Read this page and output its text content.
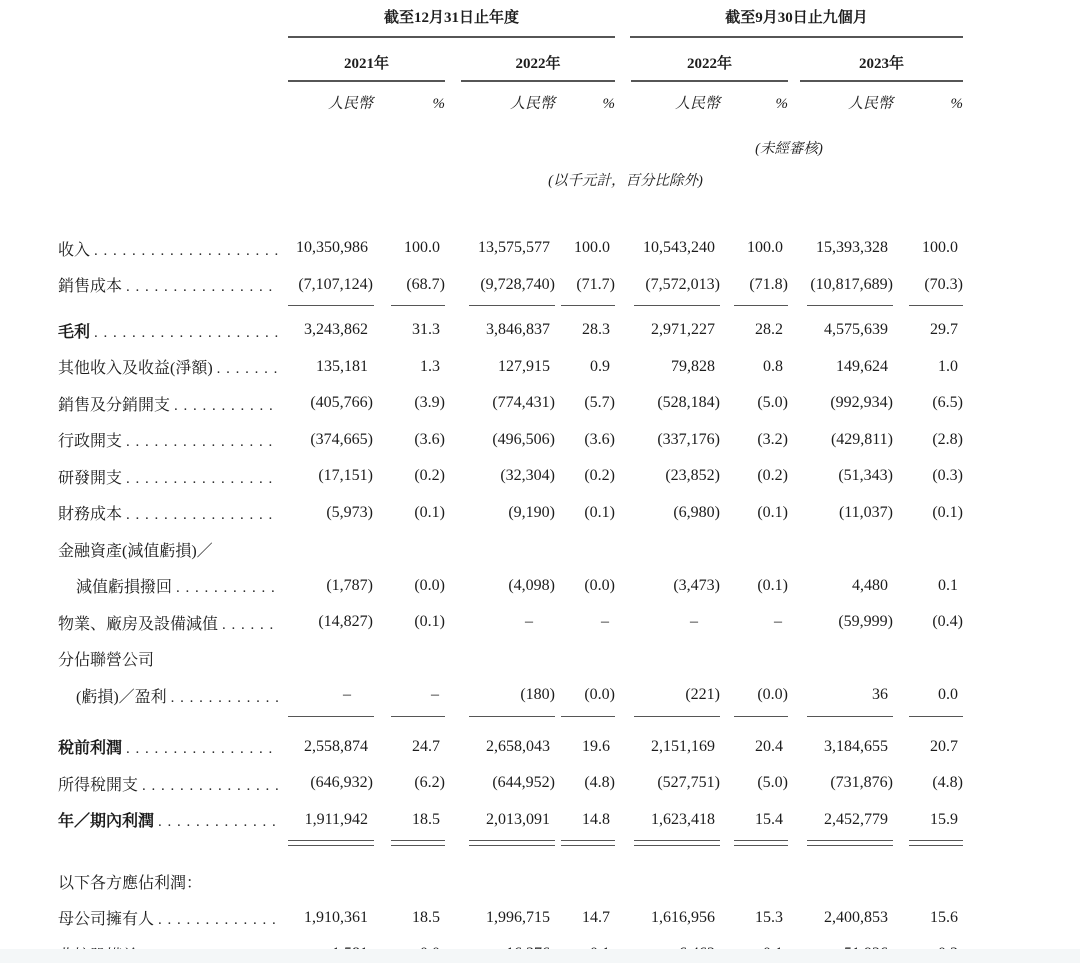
截至12月31日止年度	截至9月30日止九個月
2021年	2022年	2022年	2023年
人民幣	%	人民幣	%	人民幣	%	人民幣	%
(未經審核)
(以千元計，百分比除外)
收入 . . .	10,350,986	100.0	13,575,577	100.0	10,543,240	100.0	15,393,328	100.0
銷售成本 . . .	(7,107,124)	(68.7)	(9,728,740)	(71.7)	(7,572,013)	(71.8)	(10,817,689)	(70.3)
毛利 . . .	3,243,862	31.3	3,846,837	28.3	2,971,227	28.2	4,575,639	29.7
其他收入及收益(淨額) . . .	135,181	1.3	127,915	0.9	79,828	0.8	149,624	1.0
銷售及分銷開支 . . .	(405,766)	(3.9)	(774,431)	(5.7)	(528,184)	(5.0)	(992,934)	(6.5)
行政開支 . . .	(374,665)	(3.6)	(496,506)	(3.6)	(337,176)	(3.2)	(429,811)	(2.8)
研發開支 . . .	(17,151)	(0.2)	(32,304)	(0.2)	(23,852)	(0.2)	(51,343)	(0.3)
財務成本 . . .	(5,973)	(0.1)	(9,190)	(0.1)	(6,980)	(0.1)	(11,037)	(0.1)
金融資產(減值虧損)／
減值虧損撥回 . . .	(1,787)	(0.0)	(4,098)	(0.0)	(3,473)	(0.1)	4,480	0.1
物業、廠房及設備減值 . . .	(14,827)	(0.1)	–	–	–	–	(59,999)	(0.4)
分佔聯營公司
(虧損)／盈利 . . .	–	–	(180)	(0.0)	(221)	(0.0)	36	0.0
稅前利潤 . . .	2,558,874	24.7	2,658,043	19.6	2,151,169	20.4	3,184,655	20.7
所得稅開支 . . .	(646,932)	(6.2)	(644,952)	(4.8)	(527,751)	(5.0)	(731,876)	(4.8)
年／期內利潤 . . .	1,911,942	18.5	2,013,091	14.8	1,623,418	15.4	2,452,779	15.9
以下各方應佔利潤：
母公司擁有人 . . .	1,910,361	18.5	1,996,715	14.7	1,616,956	15.3	2,400,853	15.6
. . .
